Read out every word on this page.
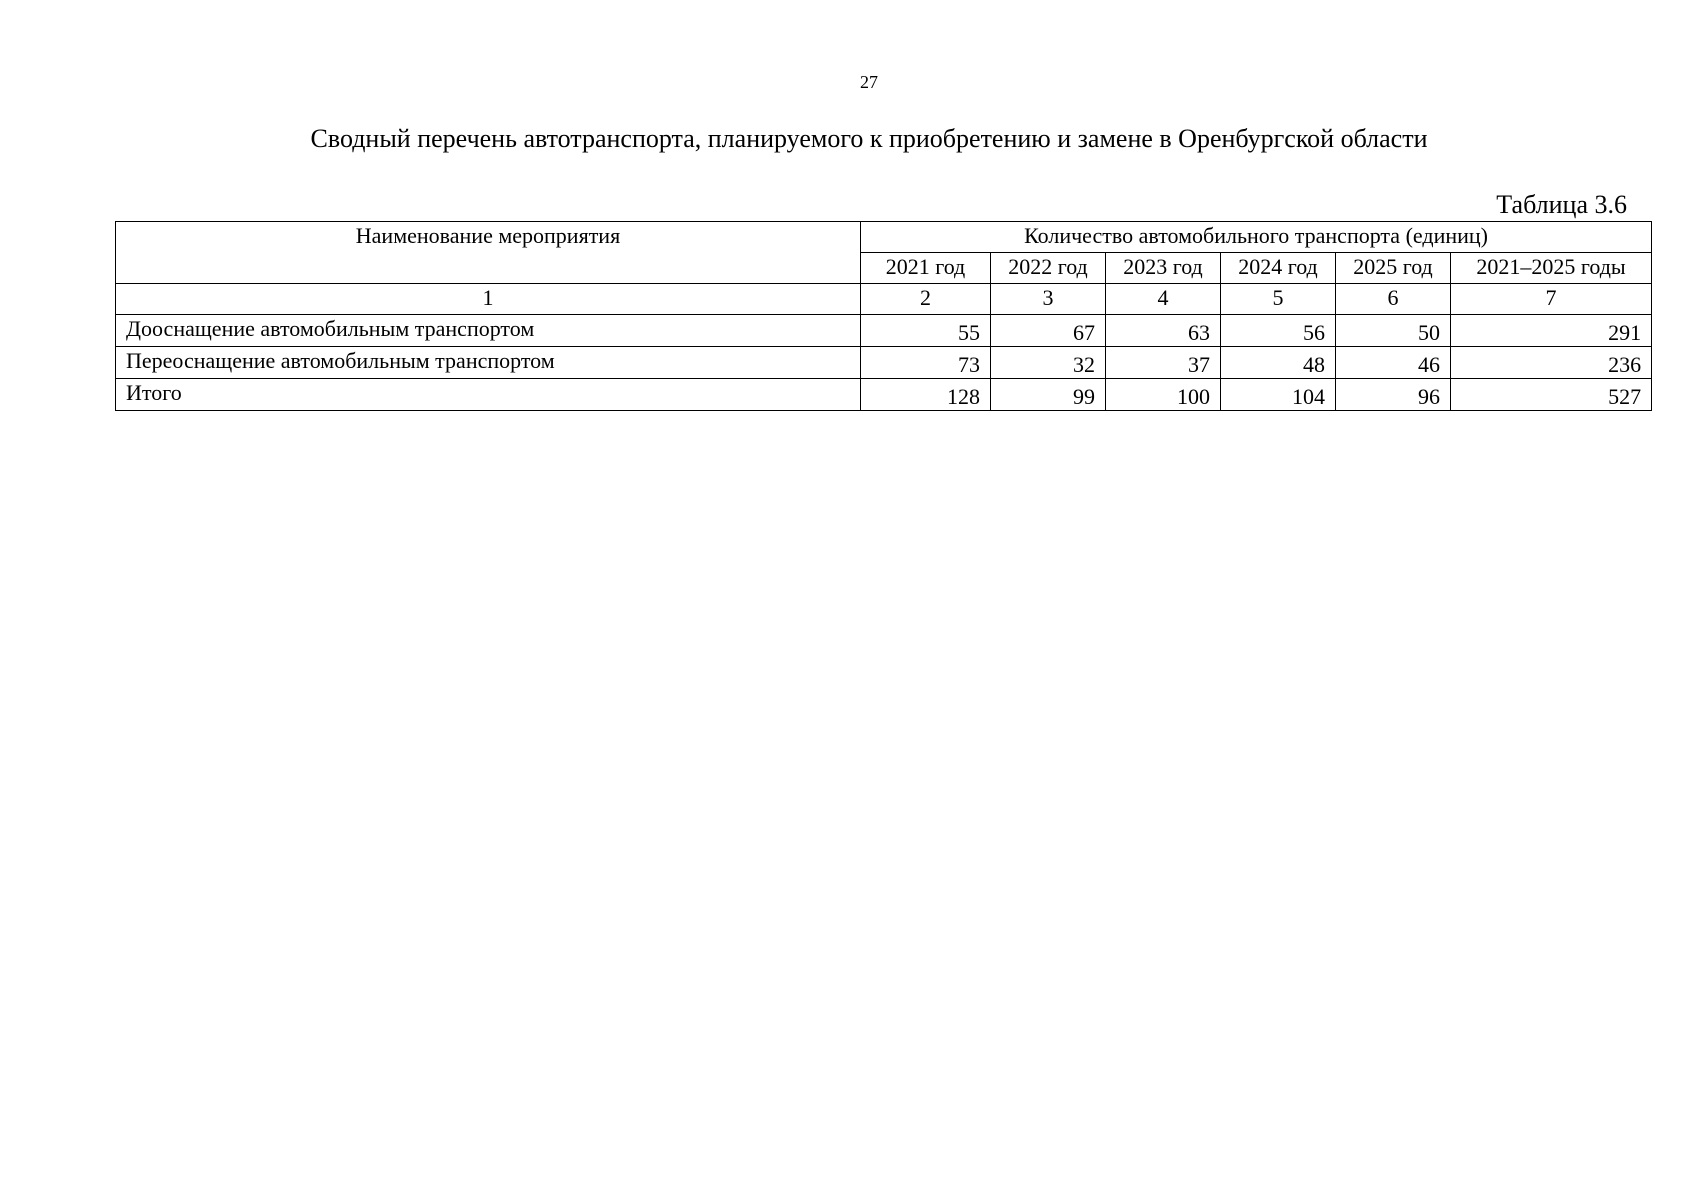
27
Сводный перечень автотранспорта, планируемого к приобретению и замене в Оренбургской области
Таблица 3.6
Наименование мероприятия	Количество автомобильного транспорта (единиц)					
	2021 год	2022 год	2023 год	2024 год	2025 год	2021–2025 годы
1	2	3	4	5	6	7
Дооснащение автомобильным транспортом	55	67	63	56	50	291
Переоснащение автомобильным транспортом	73	32	37	48	46	236
Итого	128	99	100	104	96	527
